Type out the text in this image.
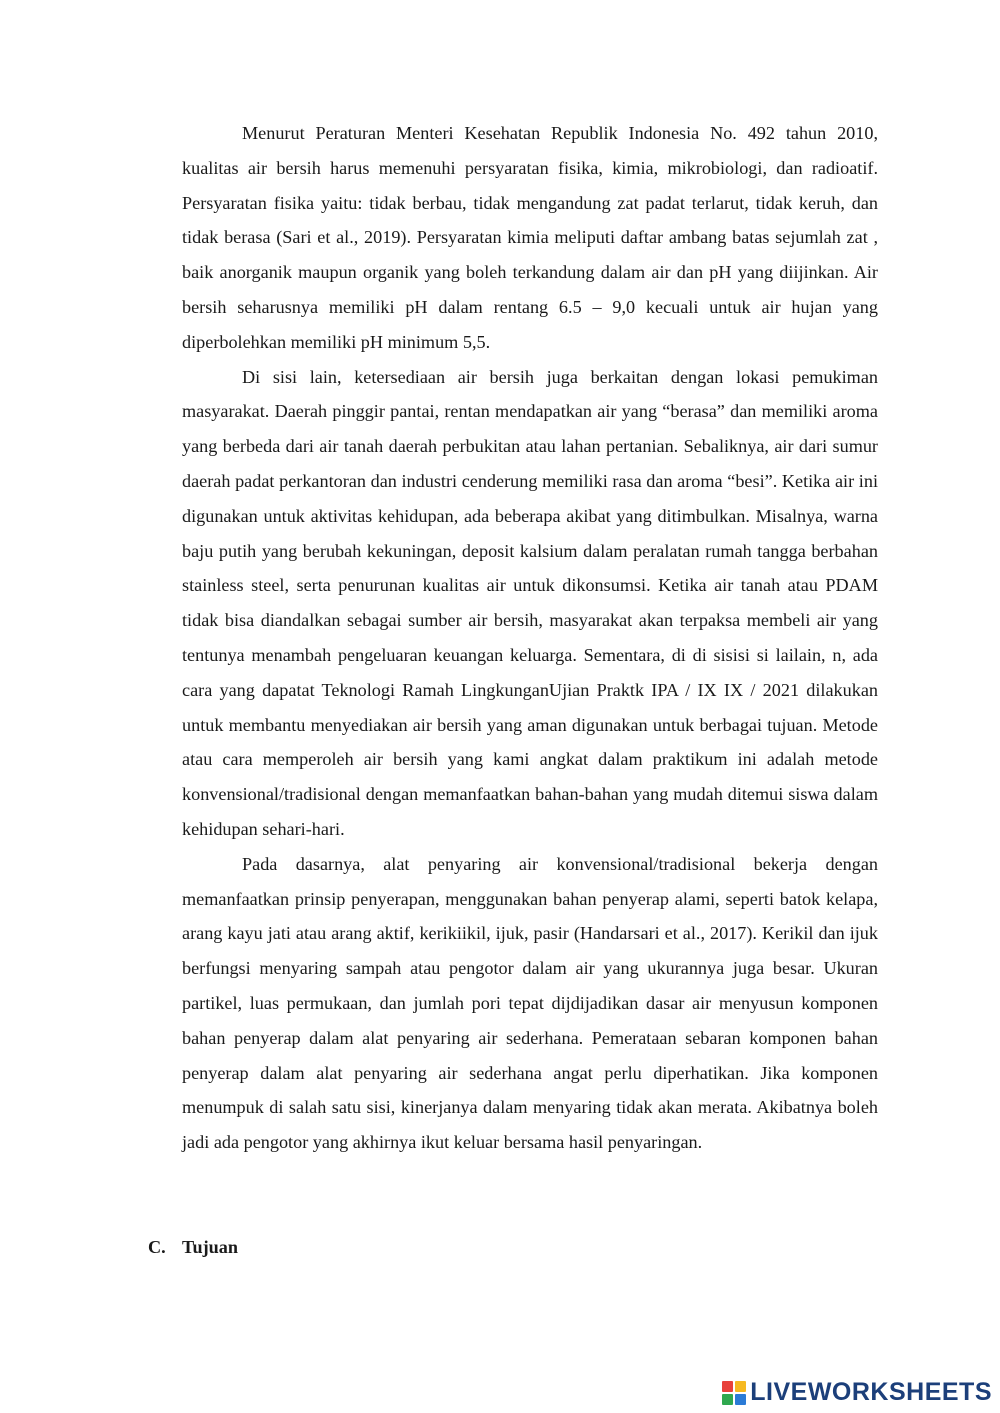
Menurut Peraturan Menteri Kesehatan Republik Indonesia No. 492 tahun 2010, kualitas air bersih harus memenuhi persyaratan fisika, kimia, mikrobiologi, dan radioatif. Persyaratan fisika yaitu: tidak berbau, tidak mengandung zat padat terlarut, tidak keruh, dan tidak berasa (Sari et al., 2019). Persyaratan kimia meliputi daftar ambang batas sejumlah zat , baik anorganik maupun organik yang boleh terkandung dalam air dan pH yang diijinkan. Air bersih seharusnya memiliki pH dalam rentang 6.5 – 9,0 kecuali untuk air hujan yang diperbolehkan memiliki pH minimum 5,5.

Di sisi lain, ketersediaan air bersih juga berkaitan dengan lokasi pemukiman masyarakat. Daerah pinggir pantai, rentan mendapatkan air yang “berasa” dan memiliki aroma yang berbeda dari air tanah daerah perbukitan atau lahan pertanian. Sebaliknya, air dari sumur daerah padat perkantoran dan industri cenderung memiliki rasa dan aroma “besi”. Ketika air ini digunakan untuk aktivitas kehidupan, ada beberapa akibat yang ditimbulkan. Misalnya, warna baju putih yang berubah kekuningan, deposit kalsium dalam peralatan rumah tangga berbahan stainless steel, serta penurunan kualitas air untuk dikonsumsi. Ketika air tanah atau PDAM tidak bisa diandalkan sebagai sumber air bersih, masyarakat akan terpaksa membeli air yang tentunya menambah pengeluaran keuangan keluarga. Sementara, di di sisisi si lailain, n, ada cara yang dapatat Teknologi Ramah LingkunganUjian Praktk IPA / IX IX / 2021 dilakukan untuk membantu menyediakan air bersih yang aman digunakan untuk berbagai tujuan. Metode atau cara memperoleh air bersih yang kami angkat dalam praktikum ini adalah metode konvensional/tradisional dengan memanfaatkan bahan-bahan yang mudah ditemui siswa dalam kehidupan sehari-hari.

Pada dasarnya, alat penyaring air konvensional/tradisional bekerja dengan memanfaatkan prinsip penyerapan, menggunakan bahan penyerap alami, seperti batok kelapa, arang kayu jati atau arang aktif, kerikiikil, ijuk, pasir (Handarsari et al., 2017). Kerikil dan ijuk berfungsi menyaring sampah atau pengotor dalam air yang ukurannya juga besar. Ukuran partikel, luas permukaan, dan jumlah pori tepat dijdijadikan dasar air menyusun komponen bahan penyerap dalam alat penyaring air sederhana. Pemerataan sebaran komponen bahan penyerap dalam alat penyaring air sederhana angat perlu diperhatikan. Jika komponen menumpuk di salah satu sisi, kinerjanya dalam menyaring tidak akan merata. Akibatnya boleh jadi ada pengotor yang akhirnya ikut keluar bersama hasil penyaringan.

C. Tujuan
LIVEWORKSHEETS
